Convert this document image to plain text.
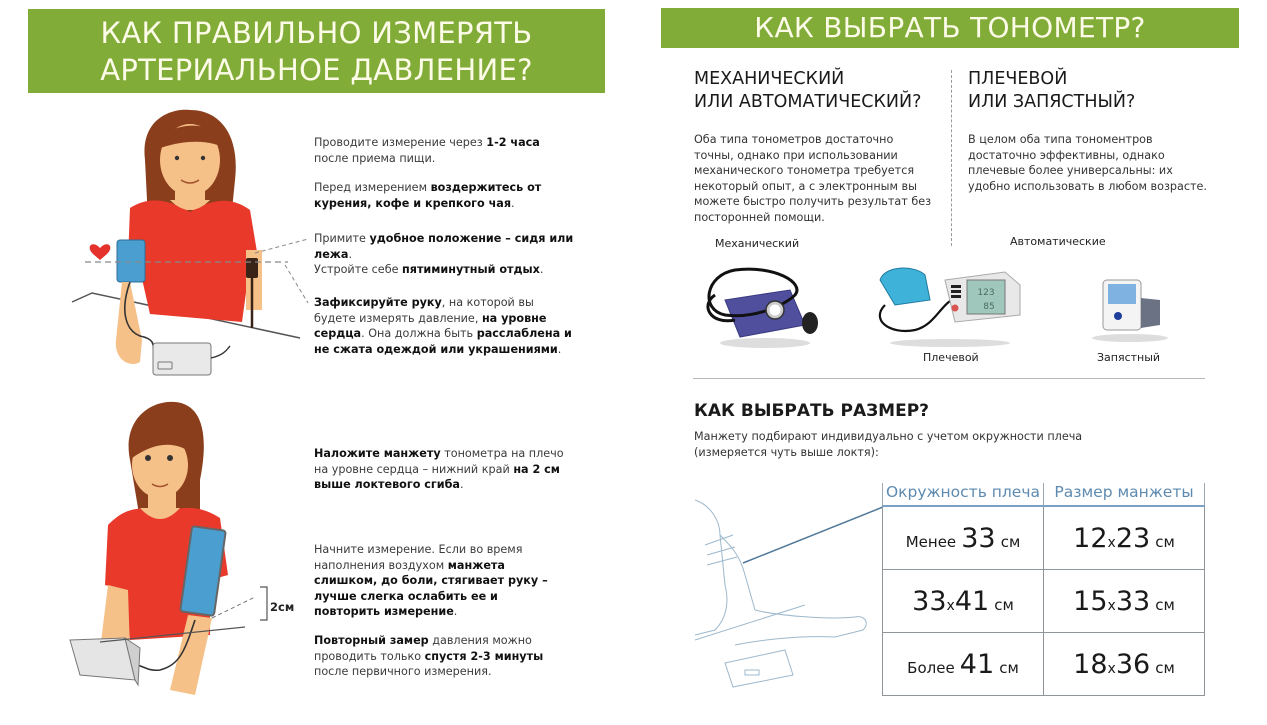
КАК ПРАВИЛЬНО ИЗМЕРЯТЬ
АРТЕРИАЛЬНОЕ ДАВЛЕНИЕ?
КАК ВЫБРАТЬ ТОНОМЕТР?
Проводите измерение через 1-2 часа после приема пищи.
Перед измерением воздержитесь от курения, кофе и крепкого чая.
Примите удобное положение – сидя или лежа.
Устройте себе пятиминутный отдых.
Зафиксируйте руку, на которой вы будете измерять давление, на уровне сердца. Она должна быть расслаблена и не сжата одеждой или украшениями.
2см
Наложите манжету тонометра на плечо на уровне сердца – нижний край на 2 см выше локтевого сгиба.
Начните измерение. Если во время наполнения воздухом манжета слишком, до боли, стягивает руку – лучше слегка ослабить ее и повторить измерение.
Повторный замер давления можно проводить только спустя 2-3 минуты после первичного измерения.
МЕХАНИЧЕСКИЙ
ИЛИ АВТОМАТИЧЕСКИЙ?
ПЛЕЧЕВОЙ
ИЛИ ЗАПЯСТНЫЙ?
Оба типа тонометров достаточно точны, однако при использовании механического тонометра требуется некоторый опыт, а с электронным вы можете быстро получить результат без посторонней помощи.
В целом оба типа тономентров достаточно эффективны, однако плечевые более универсальны: их удобно использовать в любом возрасте.
Механический	Автоматические
123
85
Плечевой	Запястный
КАК ВЫБРАТЬ РАЗМЕР?
Манжету подбирают индивидуально с учетом окружности плеча
(измеряется чуть выше локтя):
Окружность плеча	Размер манжеты
Менее 33 см	12x23 см
33x41 см	15x33 см
Более 41 см	18x36 см
